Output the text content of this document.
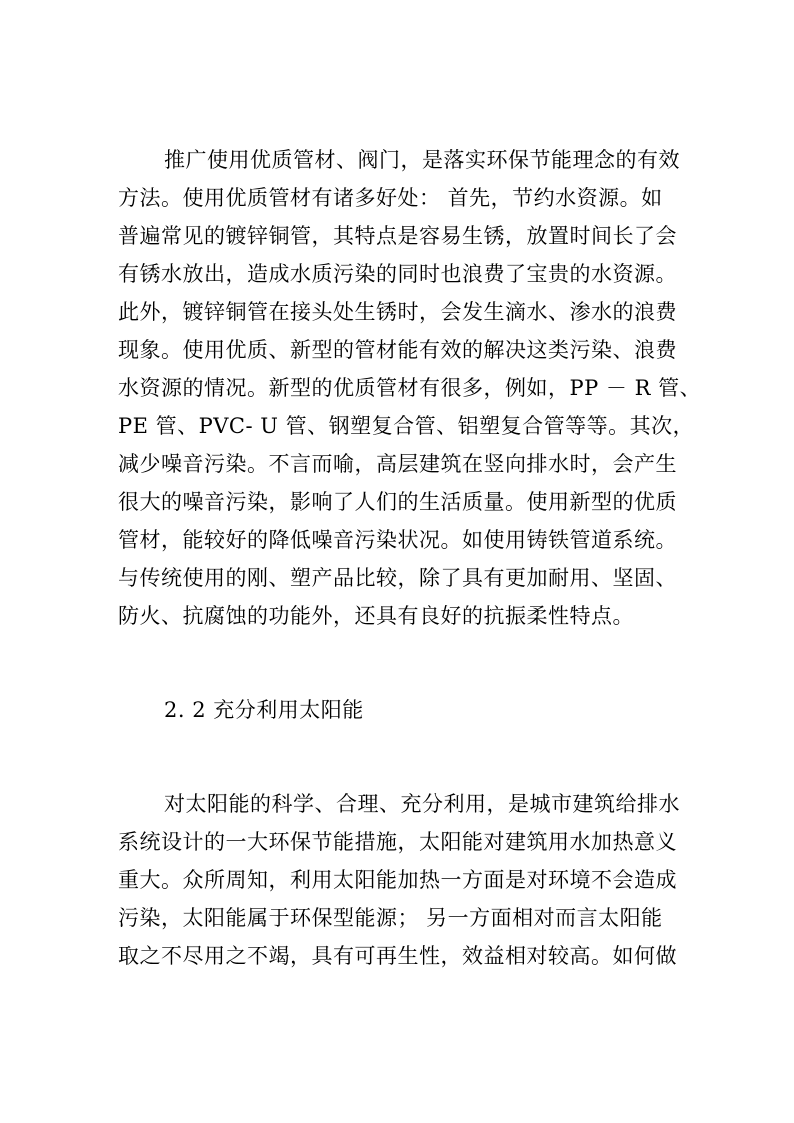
推广使用优质管材、阀门，是落实环保节能理念的有效
方法。使用优质管材有诸多好处： 首先，节约水资源。如
普遍常见的镀锌铜管，其特点是容易生锈，放置时间长了会
有锈水放出，造成水质污染的同时也浪费了宝贵的水资源。
此外，镀锌铜管在接头处生锈时，会发生滴水、渗水的浪费
现象。使用优质、新型的管材能有效的解决这类污染、浪费
水资源的情况。新型的优质管材有很多，例如，PP － R 管、
PE 管、PVC- U 管、钢塑复合管、铝塑复合管等等。其次，
减少噪音污染。不言而喻，高层建筑在竖向排水时，会产生
很大的噪音污染，影响了人们的生活质量。使用新型的优质
管材，能较好的降低噪音污染状况。如使用铸铁管道系统。
与传统使用的刚、塑产品比较，除了具有更加耐用、坚固、
防火、抗腐蚀的功能外，还具有良好的抗振柔性特点。
2. 2 充分利用太阳能
对太阳能的科学、合理、充分利用，是城市建筑给排水
系统设计的一大环保节能措施，太阳能对建筑用水加热意义
重大。众所周知，利用太阳能加热一方面是对环境不会造成
污染，太阳能属于环保型能源； 另一方面相对而言太阳能
取之不尽用之不竭，具有可再生性，效益相对较高。如何做
